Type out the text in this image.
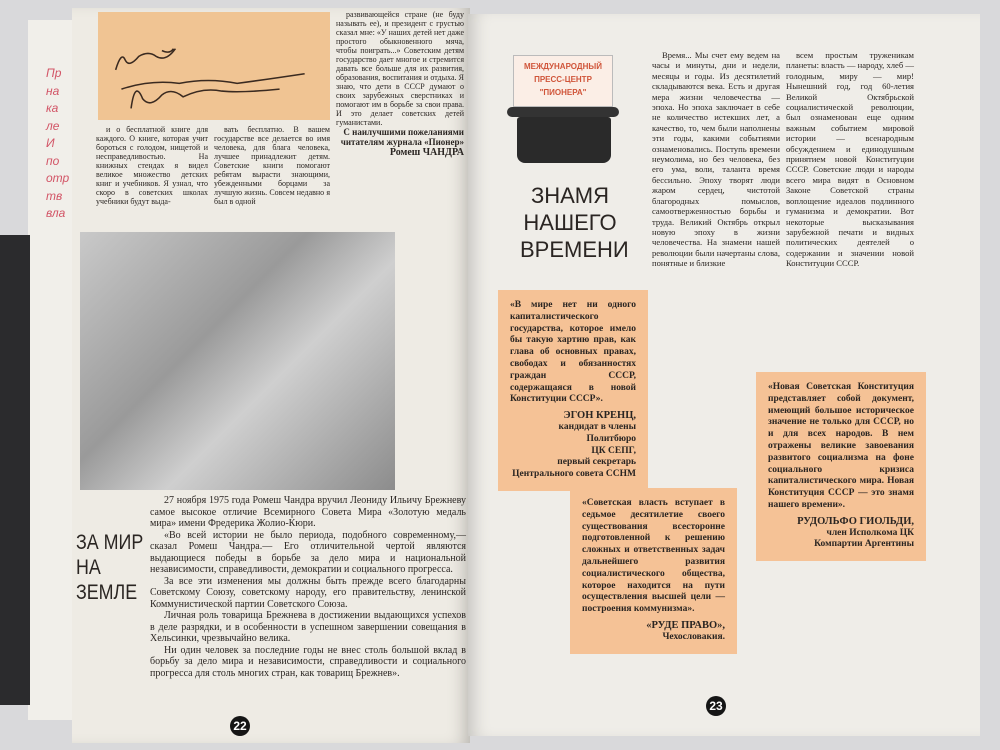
Пр
на
ка
ле
И
по
отр
тв
вла

и о бесплатной книге для каждого. О книге, которая учит бороться с голодом, нищетой и несправедливостью. На книжных стендах я видел великое множество детских книг и учебников. Я узнал, что скоро в советских школах учебники будут выда-

вать бесплатно. В вашем государстве все делается во имя человека, для блага человека, лучшее принадлежит детям. Советские книги помогают ребятам вырасти знающими, убежденными борцами за лучшую жизнь. Совсем недавно я был в одной

развивающейся стране (не буду называть ее), и президент с грустью сказал мне: «У наших детей нет даже простого обыкновенного мяча, чтобы поиграть...» Советским детям государство дает многое и стремится давать все больше для их развития, образования, воспитания и отдыха. Я знаю, что дети в СССР думают о своих зарубежных сверстниках и помогают им в борьбе за свои права. И это делает советских детей гуманистами.

С наилучшими пожеланиями читателям журнала «Пионер»
Ромеш ЧАНДРА
ЗА МИР
НА
ЗЕМЛЕ

27 ноября 1975 года Ромеш Чандра вручил Леониду Ильичу Брежневу самое высокое отличие Всемирного Совета Мира «Золотую медаль мира» имени Фредерика Жолио-Кюри.

«Во всей истории не было периода, подобного современному,— сказал Ромеш Чандра.— Его отличительной чертой являются выдающиеся победы в борьбе за дело мира и национальной независимости, справедливости, демократии и социального прогресса.

За все эти изменения мы должны быть прежде всего благодарны Советскому Союзу, советскому народу, его правительству, ленинской Коммунистической партии Советского Союза.

Личная роль товарища Брежнева в достижении выдающихся успехов в деле разрядки, и в особенности в успешном завершении совещания в Хельсинки, чрезвычайно велика.

Ни один человек за последние годы не внес столь большой вклад в борьбу за дело мира и независимости, справедливости и социального прогресса для столь многих стран, как товарищ Брежнев».

22
МЕЖДУНАРОДНЫЙ
ПРЕСС-ЦЕНТР
"ПИОНЕРА"
ЗНАМЯ
НАШЕГО
ВРЕМЕНИ

Время... Мы счет ему ведем на часы и минуты, дни и недели, месяцы и годы. Из десятилетий складываются века. Есть и другая мера жизни человечества — эпоха. Но эпоха заключает в себе не количество истекших лет, а качество, то, чем были наполнены эти годы, какими событиями ознаменовались. Поступь времени неумолима, но без человека, без его ума, воли, таланта время бессильно. Эпоху творят люди жаром сердец, чистотой благородных помыслов, самоотверженностью борьбы и труда. Великий Октябрь открыл новую эпоху в жизни человечества. На знамени нашей революции были начертаны слова, понятные и близкие

всем простым труженикам планеты: власть — народу, хлеб — голодным, миру — мир! Нынешний год, год 60-летия Великой Октябрьской социалистической революции, был ознаменован еще одним важным событием мировой истории — всенародным обсуждением и единодушным принятием новой Конституции СССР. Советские люди и народы всего мира видят в Основном Законе Советской страны воплощение идеалов подлинного гуманизма и демократии. Вот некоторые высказывания зарубежной печати и видных политических деятелей о содержании и значении новой Конституции СССР.

«В мире нет ни одного капиталистического государства, которое имело бы такую хартию прав, как глава об основных правах, свободах и обязанностях граждан СССР, содержащаяся в новой Конституции СССР».
ЭГОН КРЕНЦ,
кандидат в члены Политбюро
ЦК СЕПГ,
первый секретарь
Центрального совета ССНМ
«Советская власть вступает в седьмое десятилетие своего существования всесторонне подготовленной к решению сложных и ответственных задач дальнейшего развития социалистического общества, которое находится на пути осуществления высшей цели — построения коммунизма».
«РУДЕ ПРАВО»,
Чехословакия.
«Новая Советская Конституция представляет собой документ, имеющий большое историческое значение не только для СССР, но и для всех народов. В нем отражены великие завоевания развитого социализма на фоне социального кризиса капиталистического мира. Новая Конституция СССР — это знамя нашего времени».
РУДОЛЬФО ГИОЛЬДИ,
член Исполкома ЦК
Компартии Аргентины
23
